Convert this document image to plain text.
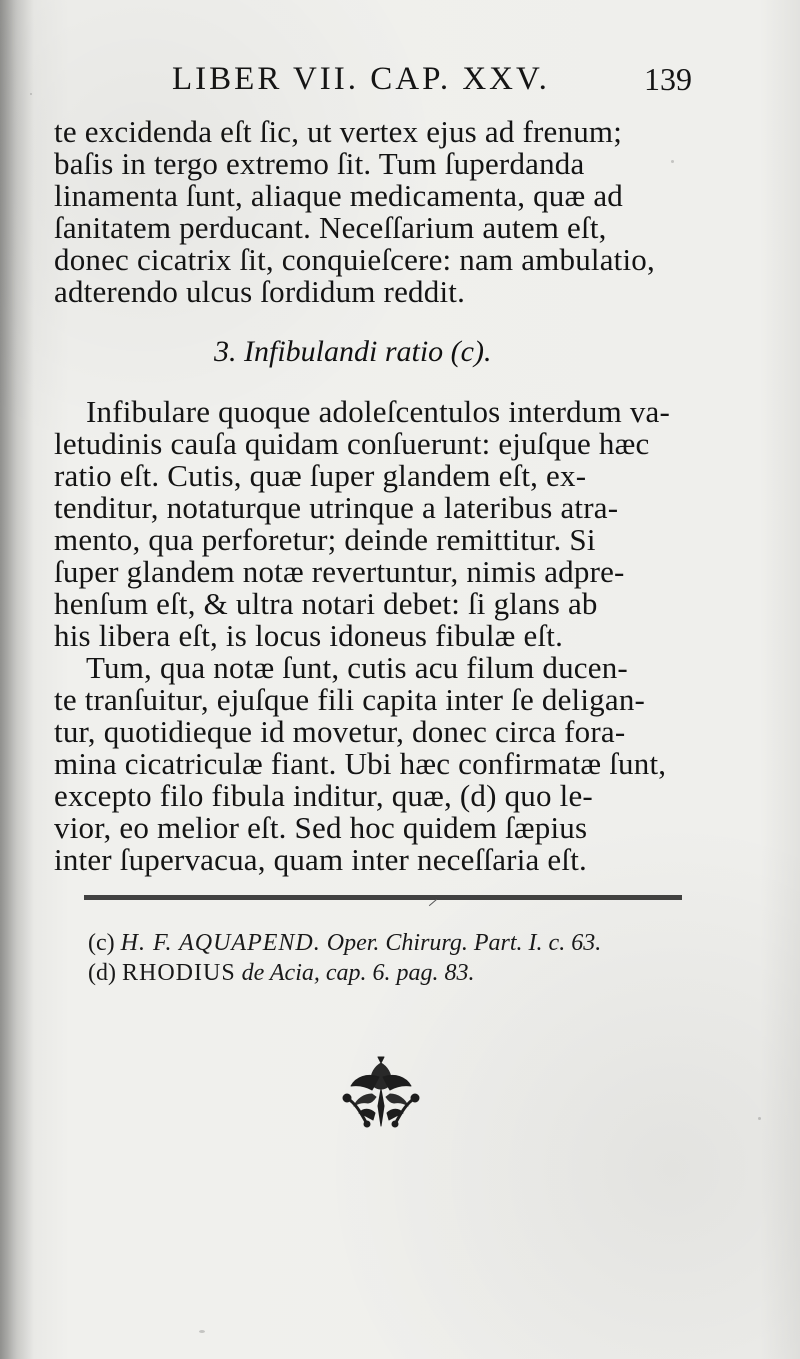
LIBER VII. CAP. XXV.	139
te excidenda eſt ſic, ut vertex ejus ad frenum;
baſis in tergo extremo ſit. Tum ſuperdanda
linamenta ſunt, aliaque medicamenta, quæ ad
ſanitatem perducant. Neceſſarium autem eſt,
donec cicatrix ſit, conquieſcere: nam ambulatio,
adterendo ulcus ſordidum reddit.
3. Infibulandi ratio (c).
Infibulare quoque adoleſcentulos interdum va-
letudinis cauſa quidam conſuerunt: ejuſque hæc
ratio eſt. Cutis, quæ ſuper glandem eſt, ex-
tenditur, notaturque utrinque a lateribus atra-
mento, qua perforetur; deinde remittitur. Si
ſuper glandem notæ revertuntur, nimis adpre-
henſum eſt, & ultra notari debet: ſi glans ab
his libera eſt, is locus idoneus fibulæ eſt.
Tum, qua notæ ſunt, cutis acu filum ducen-
te tranſuitur, ejuſque fili capita inter ſe deligan-
tur, quotidieque id movetur, donec circa fora-
mina cicatriculæ fiant. Ubi hæc confirmatæ ſunt,
excepto filo fibula inditur, quæ, (d) quo le-
vior, eo melior eſt. Sed hoc quidem ſæpius
inter ſupervacua, quam inter neceſſaria eſt.
(c) H. F. AQUAPEND. Oper. Chirurg. Part. I. c. 63.
(d) RHODIUS de Acia, cap. 6. pag. 83.
